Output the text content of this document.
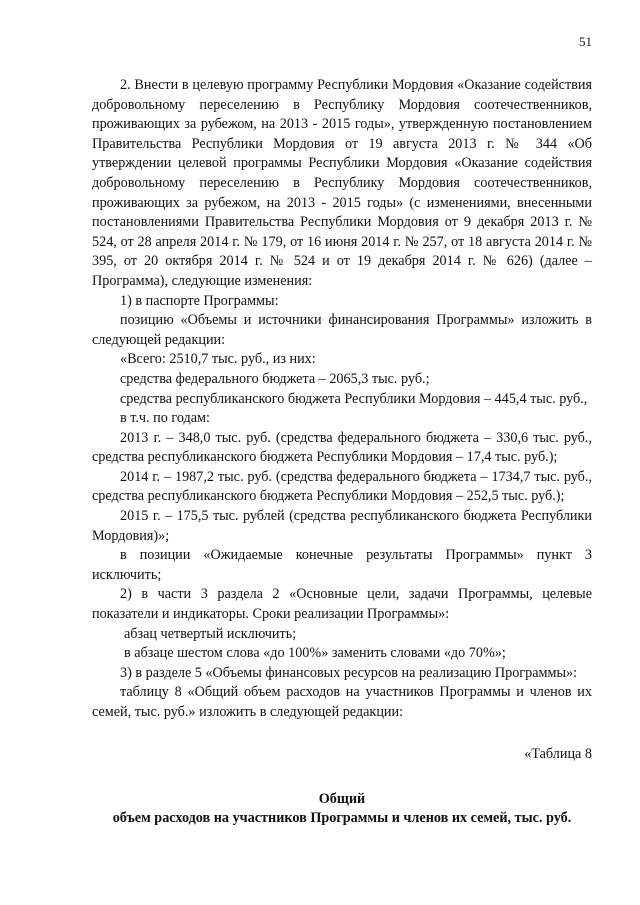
51

2. Внести в целевую программу Республики Мордовия «Оказание содействия добровольному переселению в Республику Мордовия соотечественников, проживающих за рубежом, на 2013 - 2015 годы», утвержденную постановлением Правительства Республики Мордовия от 19 августа 2013 г. № 344 «Об утверждении целевой программы Республики Мордовия «Оказание содействия добровольному переселению в Республику Мордовия соотечественников, проживающих за рубежом, на 2013 - 2015 годы» (с изменениями, внесенными постановлениями Правительства Республики Мордовия от 9 декабря 2013 г. № 524, от 28 апреля 2014 г. № 179, от 16 июня 2014 г. № 257, от 18 августа 2014 г. № 395, от 20 октября 2014 г. № 524 и от 19 декабря 2014 г. № 626) (далее – Программа), следующие изменения:

1) в паспорте Программы:

позицию «Объемы и источники финансирования Программы» изложить в следующей редакции:

«Всего: 2510,7 тыс. руб., из них:

средства федерального бюджета – 2065,3 тыс. руб.;

средства республиканского бюджета Республики Мордовия – 445,4 тыс. руб.,

в т.ч. по годам:

2013 г. – 348,0 тыс. руб. (средства федерального бюджета – 330,6 тыс. руб., средства республиканского бюджета Республики Мордовия – 17,4 тыс. руб.);

2014 г. – 1987,2 тыс. руб. (средства федерального бюджета – 1734,7 тыс. руб., средства республиканского бюджета Республики Мордовия – 252,5 тыс. руб.);

2015 г. – 175,5 тыс. рублей (средства республиканского бюджета Республики Мордовия)»;

в позиции «Ожидаемые конечные результаты Программы» пункт 3 исключить;

2) в части 3 раздела 2 «Основные цели, задачи Программы, целевые показатели и индикаторы. Сроки реализации Программы»:

абзац четвертый исключить;

в абзаце шестом слова «до 100%» заменить словами «до 70%»;

3) в разделе 5 «Объемы финансовых ресурсов на реализацию Программы»:

таблицу 8 «Общий объем расходов на участников Программы и членов их семей, тыс. руб.» изложить в следующей редакции:

«Таблица 8

Общий
объем расходов на участников Программы и членов их семей, тыс. руб.
